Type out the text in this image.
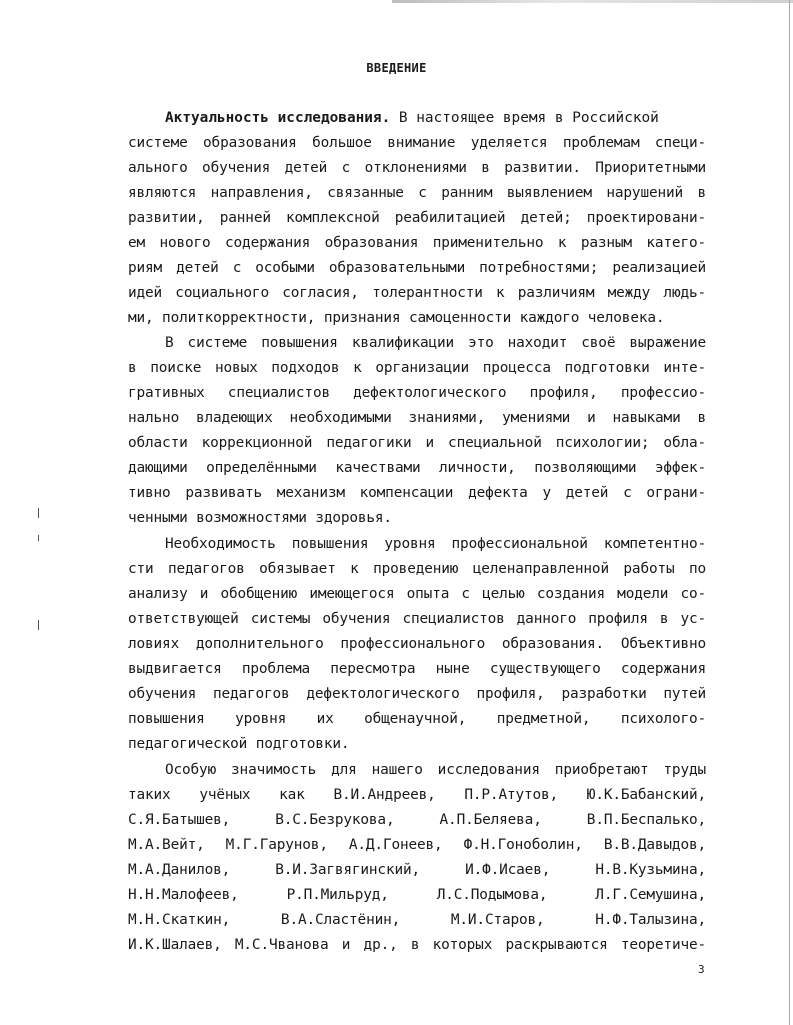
ВВЕДЕНИЕ
Актуальность исследования. В настоящее время в Российской
системе образования большое внимание уделяется проблемам специ-
ального обучения детей с отклонениями в развитии. Приоритетными
являются направления, связанные с ранним выявлением нарушений в
развитии, ранней комплексной реабилитацией детей; проектировани-
ем нового содержания образования применительно к разным катего-
риям детей с особыми образовательными потребностями; реализацией
идей социального согласия, толерантности к различиям между людь-
ми, политкорректности, признания самоценности каждого человека.
В системе повышения квалификации это находит своё выражение
в поиске новых подходов к организации процесса подготовки инте-
гративных специалистов дефектологического профиля, профессио-
нально владеющих необходимыми знаниями, умениями и навыками в
области коррекционной педагогики и специальной психологии; обла-
дающими определёнными качествами личности, позволяющими эффек-
тивно развивать механизм компенсации дефекта у детей с ограни-
ченными возможностями здоровья.
Необходимость повышения уровня профессиональной компетентно-
сти педагогов обязывает к проведению целенаправленной работы по
анализу и обобщению имеющегося опыта с целью создания модели со-
ответствующей системы обучения специалистов данного профиля в ус-
ловиях дополнительного профессионального образования. Объективно
выдвигается проблема пересмотра ныне существующего содержания
обучения педагогов дефектологического профиля, разработки путей
повышения уровня их общенаучной, предметной, психолого-
педагогической подготовки.
Особую значимость для нашего исследования приобретают труды
таких учёных как В.И.Андреев, П.Р.Атутов, Ю.К.Бабанский,
С.Я.Батышев, В.С.Безрукова, А.П.Беляева, В.П.Беспалько,
М.А.Вейт, М.Г.Гарунов, А.Д.Гонеев, Ф.Н.Гоноболин, В.В.Давыдов,
М.А.Данилов, В.И.Загвягинский, И.Ф.Исаев, Н.В.Кузьмина,
Н.Н.Малофеев, Р.П.Мильруд, Л.С.Подымова, Л.Г.Семушина,
М.Н.Скаткин, В.А.Сластёнин, М.И.Старов, Н.Ф.Талызина,
И.К.Шалаев, М.С.Чванова и др., в которых раскрываются теоретиче-
3
